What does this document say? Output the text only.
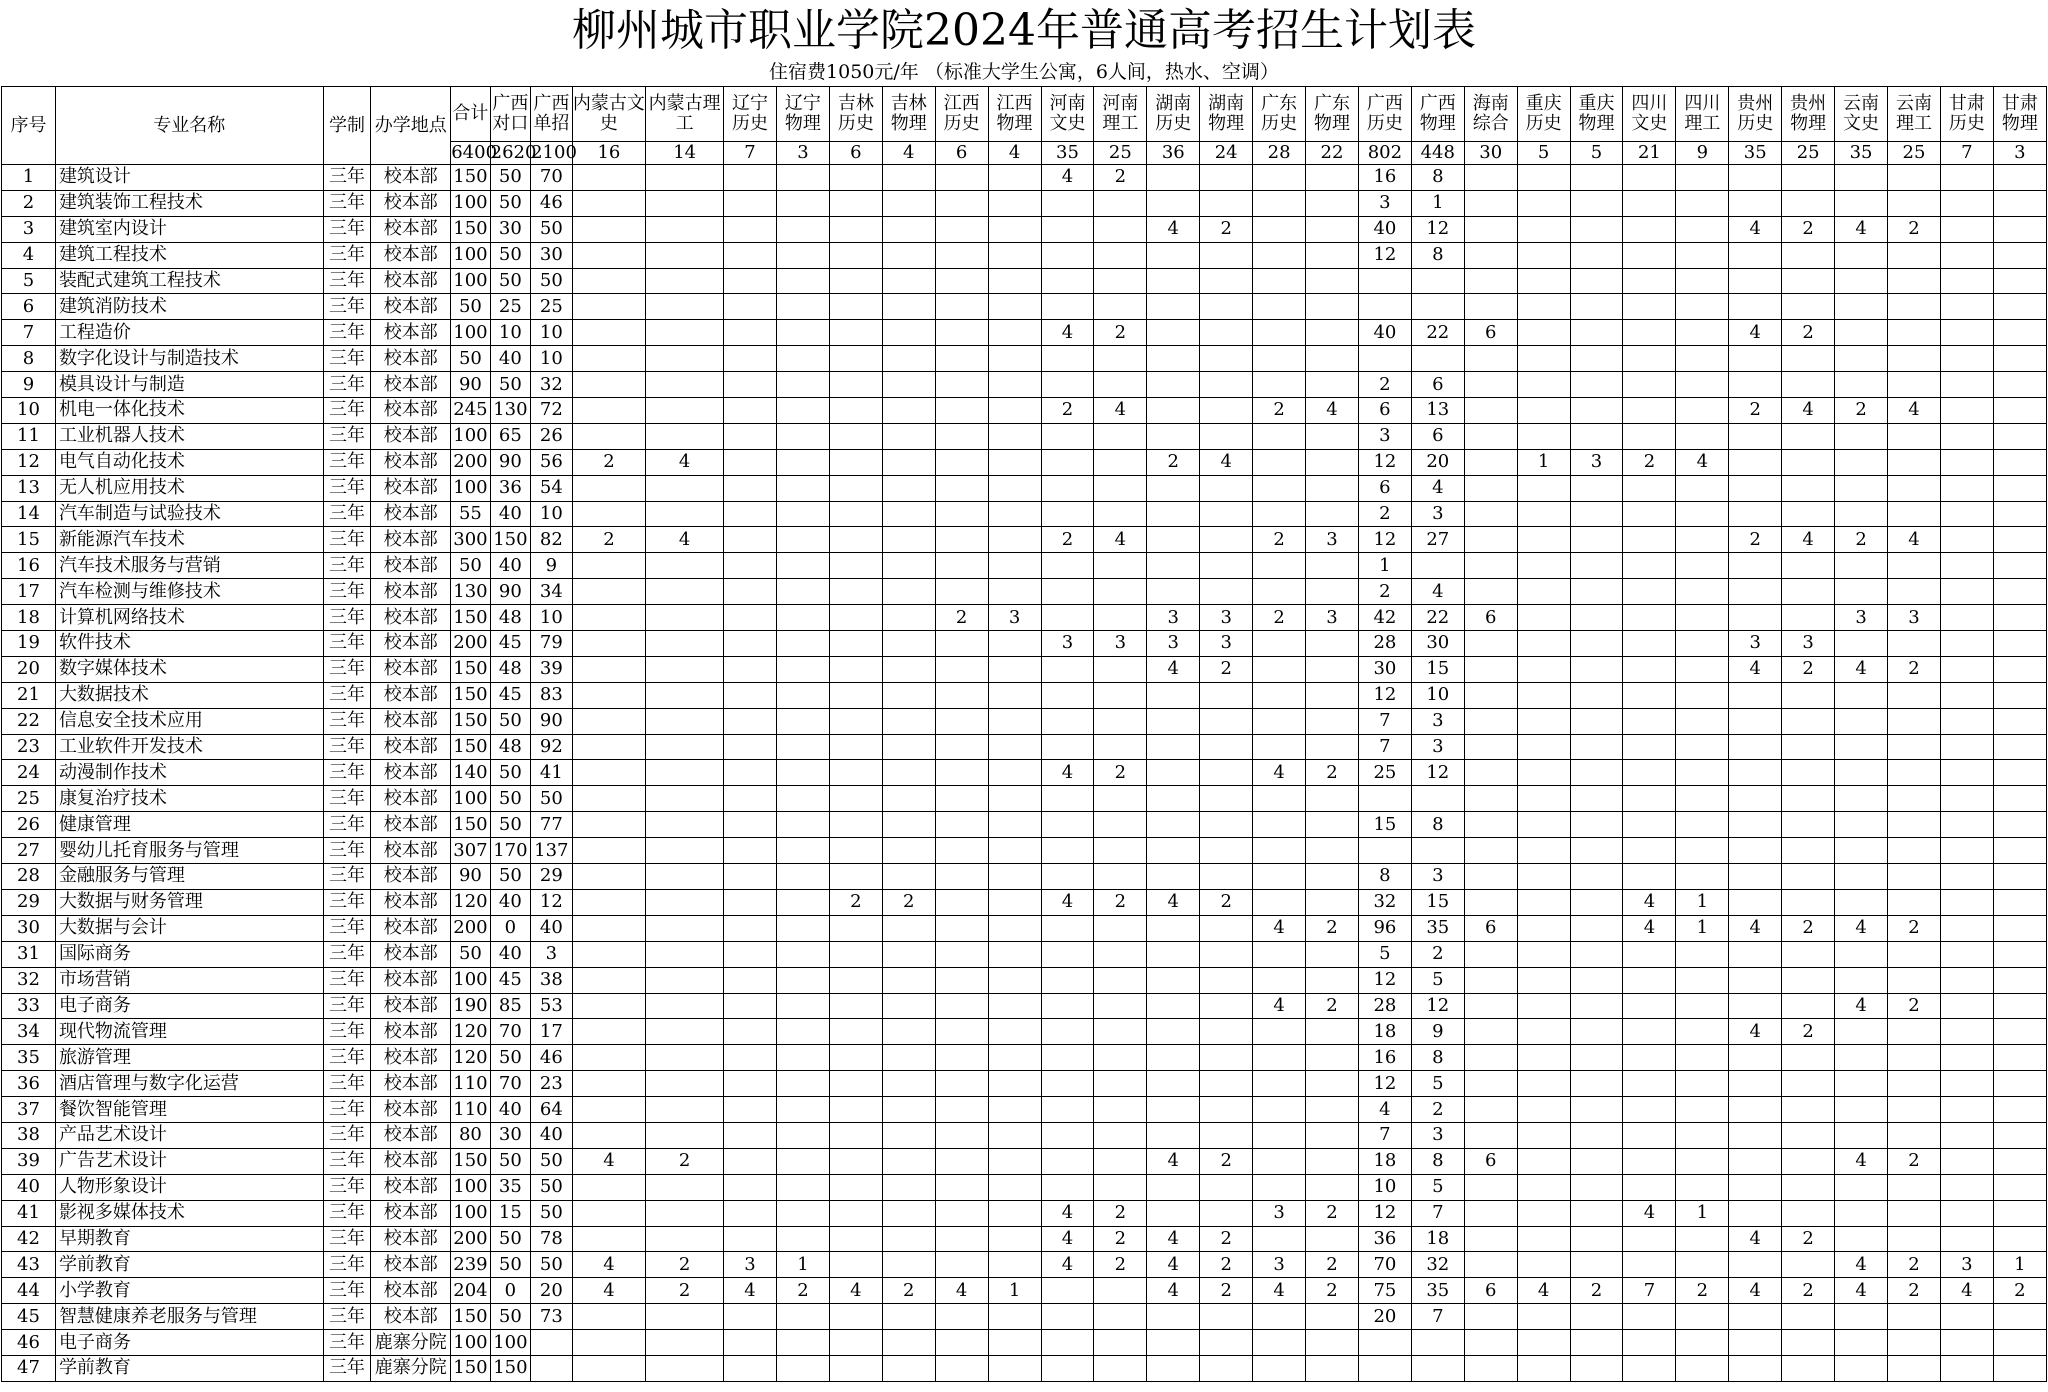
柳州城市职业学院2024年普通高考招生计划表
住宿费1050元/年 （标准大学生公寓，6人间，热水、空调）
序号	专业名称	学制	办学地点	合计	广西对口	广西单招	内蒙古文史	内蒙古理工	辽宁历史	辽宁物理	吉林历史	吉林物理	江西历史	江西物理	河南文史	河南理工	湖南历史	湖南物理	广东历史	广东物理	广西历史	广西物理	海南综合	重庆历史	重庆物理	四川文史	四川理工	贵州历史	贵州物理	云南文史	云南理工	甘肃历史	甘肃物理
				6400	2620	2100	16	14	7	3	6	4	6	4	35	25	36	24	28	22	802	448	30	5	5	21	9	35	25	35	25	7	3
1	建筑设计	三年	校本部	150	50	70									4	2					16	8											
2	建筑装饰工程技术	三年	校本部	100	50	46															3	1											
3	建筑室内设计	三年	校本部	150	30	50											4	2			40	12						4	2	4	2		
4	建筑工程技术	三年	校本部	100	50	30															12	8											
5	装配式建筑工程技术	三年	校本部	100	50	50																											
6	建筑消防技术	三年	校本部	50	25	25																											
7	工程造价	三年	校本部	100	10	10									4	2					40	22	6					4	2				
8	数字化设计与制造技术	三年	校本部	50	40	10																											
9	模具设计与制造	三年	校本部	90	50	32															2	6											
10	机电一体化技术	三年	校本部	245	130	72									2	4			2	4	6	13						2	4	2	4		
11	工业机器人技术	三年	校本部	100	65	26															3	6											
12	电气自动化技术	三年	校本部	200	90	56	2	4									2	4			12	20		1	3	2	4						
13	无人机应用技术	三年	校本部	100	36	54															6	4											
14	汽车制造与试验技术	三年	校本部	55	40	10															2	3											
15	新能源汽车技术	三年	校本部	300	150	82	2	4							2	4			2	3	12	27						2	4	2	4		
16	汽车技术服务与营销	三年	校本部	50	40	9															1												
17	汽车检测与维修技术	三年	校本部	130	90	34															2	4											
18	计算机网络技术	三年	校本部	150	48	10							2	3			3	3	2	3	42	22	6							3	3		
19	软件技术	三年	校本部	200	45	79									3	3	3	3			28	30						3	3				
20	数字媒体技术	三年	校本部	150	48	39											4	2			30	15						4	2	4	2		
21	大数据技术	三年	校本部	150	45	83															12	10											
22	信息安全技术应用	三年	校本部	150	50	90															7	3											
23	工业软件开发技术	三年	校本部	150	48	92															7	3											
24	动漫制作技术	三年	校本部	140	50	41									4	2			4	2	25	12											
25	康复治疗技术	三年	校本部	100	50	50																											
26	健康管理	三年	校本部	150	50	77															15	8											
27	婴幼儿托育服务与管理	三年	校本部	307	170	137																											
28	金融服务与管理	三年	校本部	90	50	29															8	3											
29	大数据与财务管理	三年	校本部	120	40	12					2	2			4	2	4	2			32	15				4	1						
30	大数据与会计	三年	校本部	200	0	40													4	2	96	35	6			4	1	4	2	4	2		
31	国际商务	三年	校本部	50	40	3															5	2											
32	市场营销	三年	校本部	100	45	38															12	5											
33	电子商务	三年	校本部	190	85	53													4	2	28	12								4	2		
34	现代物流管理	三年	校本部	120	70	17															18	9						4	2				
35	旅游管理	三年	校本部	120	50	46															16	8											
36	酒店管理与数字化运营	三年	校本部	110	70	23															12	5											
37	餐饮智能管理	三年	校本部	110	40	64															4	2											
38	产品艺术设计	三年	校本部	80	30	40															7	3											
39	广告艺术设计	三年	校本部	150	50	50	4	2									4	2			18	8	6							4	2		
40	人物形象设计	三年	校本部	100	35	50															10	5											
41	影视多媒体技术	三年	校本部	100	15	50									4	2			3	2	12	7				4	1						
42	早期教育	三年	校本部	200	50	78									4	2	4	2			36	18						4	2				
43	学前教育	三年	校本部	239	50	50	4	2	3	1					4	2	4	2	3	2	70	32								4	2	3	1
44	小学教育	三年	校本部	204	0	20	4	2	4	2	4	2	4	1			4	2	4	2	75	35	6	4	2	7	2	4	2	4	2	4	2
45	智慧健康养老服务与管理	三年	校本部	150	50	73															20	7											
46	电子商务	三年	鹿寨分院	100	100																												
47	学前教育	三年	鹿寨分院	150	150																												
